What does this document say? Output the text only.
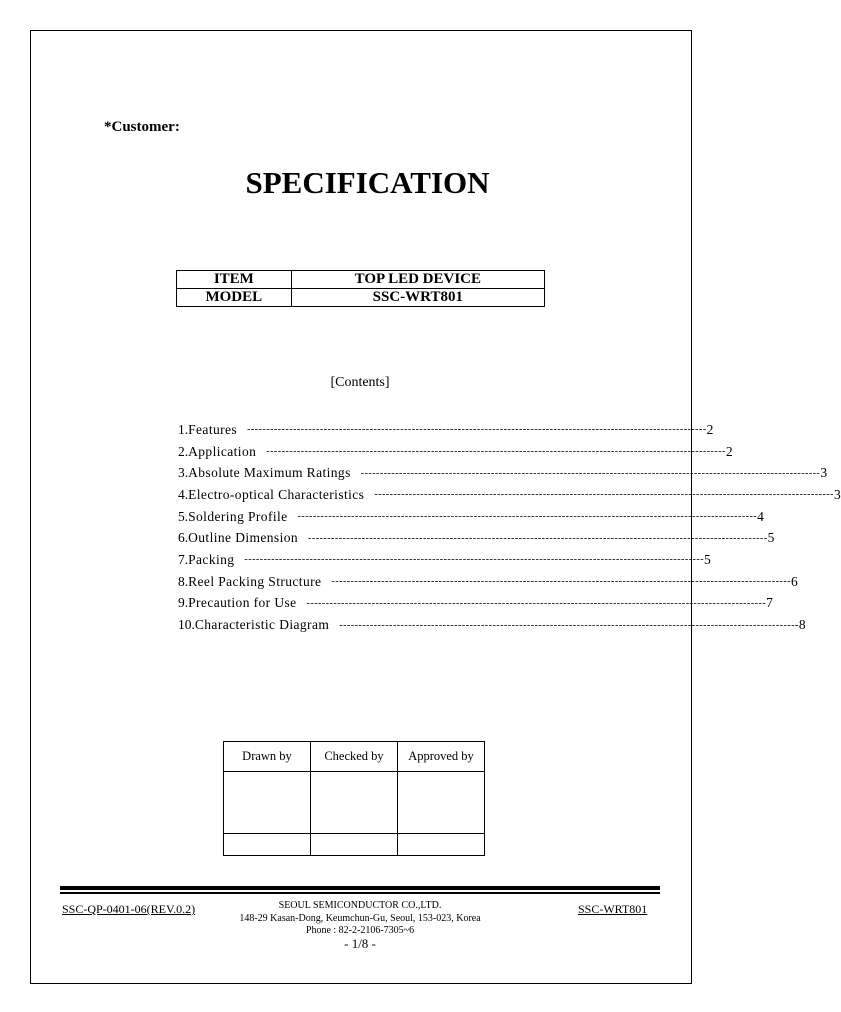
*Customer:
SPECIFICATION
ITEM	TOP LED DEVICE
MODEL	SSC-WRT801
[Contents]
1. Features	------------------------------------------------------------------------------------------------------------------------ 2
2. Application	------------------------------------------------------------------------------------------------------------------------ 2
3. Absolute Maximum Ratings	------------------------------------------------------------------------------------------------------------------------ 3
4. Electro-optical Characteristics	------------------------------------------------------------------------------------------------------------------------ 3
5. Soldering Profile	------------------------------------------------------------------------------------------------------------------------ 4
6. Outline Dimension	------------------------------------------------------------------------------------------------------------------------ 5
7. Packing	------------------------------------------------------------------------------------------------------------------------ 5
8. Reel Packing Structure	------------------------------------------------------------------------------------------------------------------------ 6
9. Precaution for Use	------------------------------------------------------------------------------------------------------------------------ 7
10. Characteristic Diagram	------------------------------------------------------------------------------------------------------------------------ 8
Drawn by	Checked by	Approved by

SSC-QP-0401-06(REV.0.2)	SEOUL SEMICONDUCTOR CO.,LTD.
148-29 Kasan-Dong, Keumchun-Gu, Seoul, 153-023, Korea
Phone : 82-2-2106-7305~6
- 1/8 -
SSC-WRT801
